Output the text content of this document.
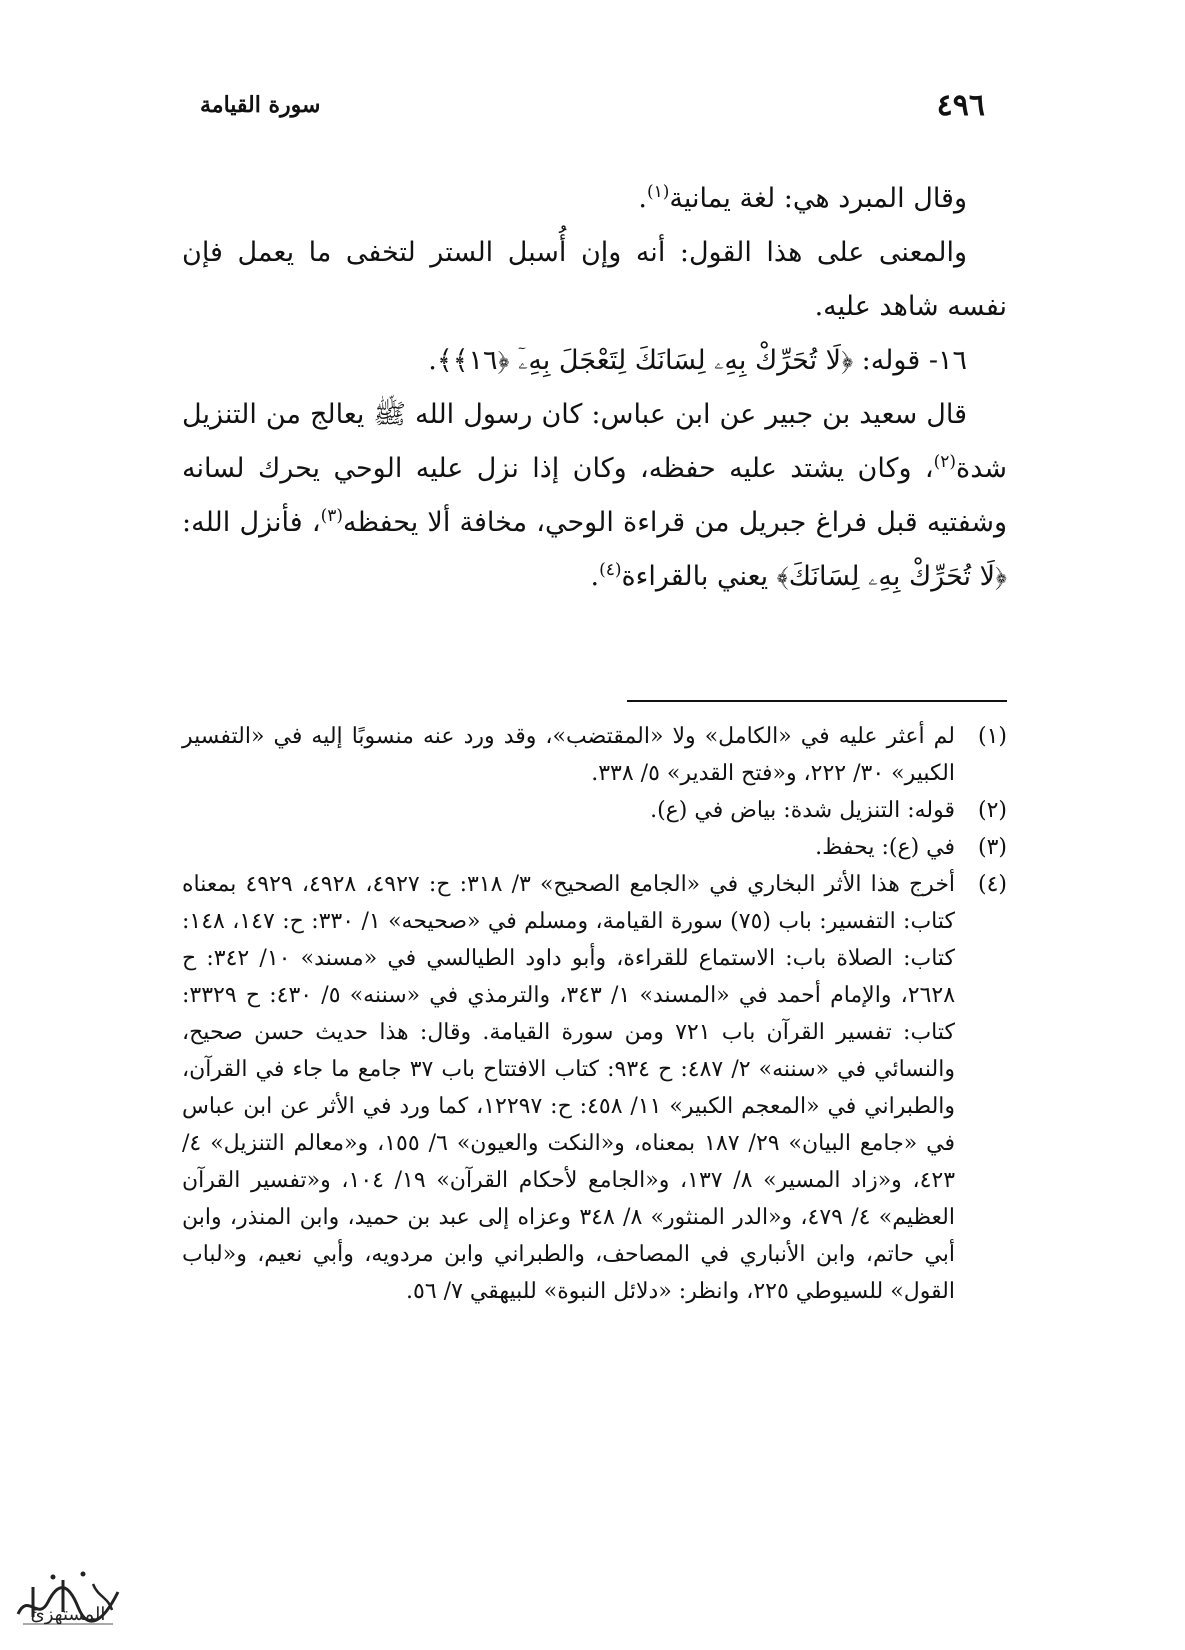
٤٩٦
سورة القيامة

وقال المبرد هي: لغة يمانية$^{(١)}$.

والمعنى على هذا القول: أنه وإن أُسبل الستر لتخفى ما يعمل فإن نفسه شاهد عليه.

١٦- قوله: ﴿لَا تُحَرِّكْ بِهِۦ لِسَانَكَ لِتَعْجَلَ بِهِۦٓ ﴿١٦﴾﴾.

قال سعيد بن جبير عن ابن عباس: كان رسول الله ﷺ يعالج من التنزيل شدة$^{(٢)}$، وكان يشتد عليه حفظه، وكان إذا نزل عليه الوحي يحرك لسانه وشفتيه قبل فراغ جبريل من قراءة الوحي، مخافة ألا يحفظه$^{(٣)}$، فأنزل الله: ﴿لَا تُحَرِّكْ بِهِۦ لِسَانَكَ﴾ يعني بالقراءة$^{(٤)}$.

(١)
لم أعثر عليه في «الكامل» ولا «المقتضب»، وقد ورد عنه منسوبًا إليه في «التفسير الكبير» ٣٠/ ٢٢٢، و«فتح القدير» ٥/ ٣٣٨.
(٢)
قوله: التنزيل شدة: بياض في (ع).
(٣)
في (ع): يحفظ.
(٤)
أخرج هذا الأثر البخاري في «الجامع الصحيح» ٣/ ٣١٨: ح: ٤٩٢٧، ٤٩٢٨، ٤٩٢٩ بمعناه كتاب: التفسير: باب (٧٥) سورة القيامة، ومسلم في «صحيحه» ١/ ٣٣٠: ح: ١٤٧، ١٤٨: كتاب: الصلاة باب: الاستماع للقراءة، وأبو داود الطيالسي في «مسند» ١٠/ ٣٤٢: ح ٢٦٢٨، والإمام أحمد في «المسند» ١/ ٣٤٣، والترمذي في «سننه» ٥/ ٤٣٠: ح ٣٣٢٩: كتاب: تفسير القرآن باب ٧٢١ ومن سورة القيامة. وقال: هذا حديث حسن صحيح، والنسائي في «سننه» ٢/ ٤٨٧: ح ٩٣٤: كتاب الافتتاح باب ٣٧ جامع ما جاء في القرآن، والطبراني في «المعجم الكبير» ١١/ ٤٥٨: ح: ١٢٢٩٧، كما ورد في الأثر عن ابن عباس في «جامع البيان» ٢٩/ ١٨٧ بمعناه، و«النكت والعيون» ٦/ ١٥٥، و«معالم التنزيل» ٤/ ٤٢٣، و«زاد المسير» ٨/ ١٣٧، و«الجامع لأحكام القرآن» ١٩/ ١٠٤، و«تفسير القرآن العظيم» ٤/ ٤٧٩، و«الدر المنثور» ٨/ ٣٤٨ وعزاه إلى عبد بن حميد، وابن المنذر، وابن أبي حاتم، وابن الأنباري في المصاحف، والطبراني وابن مردويه، وأبي نعيم، و«لباب القول» للسيوطي ٢٢٥، وانظر: «دلائل النبوة» للبيهقي ٧/ ٥٦.
المستهزئ
